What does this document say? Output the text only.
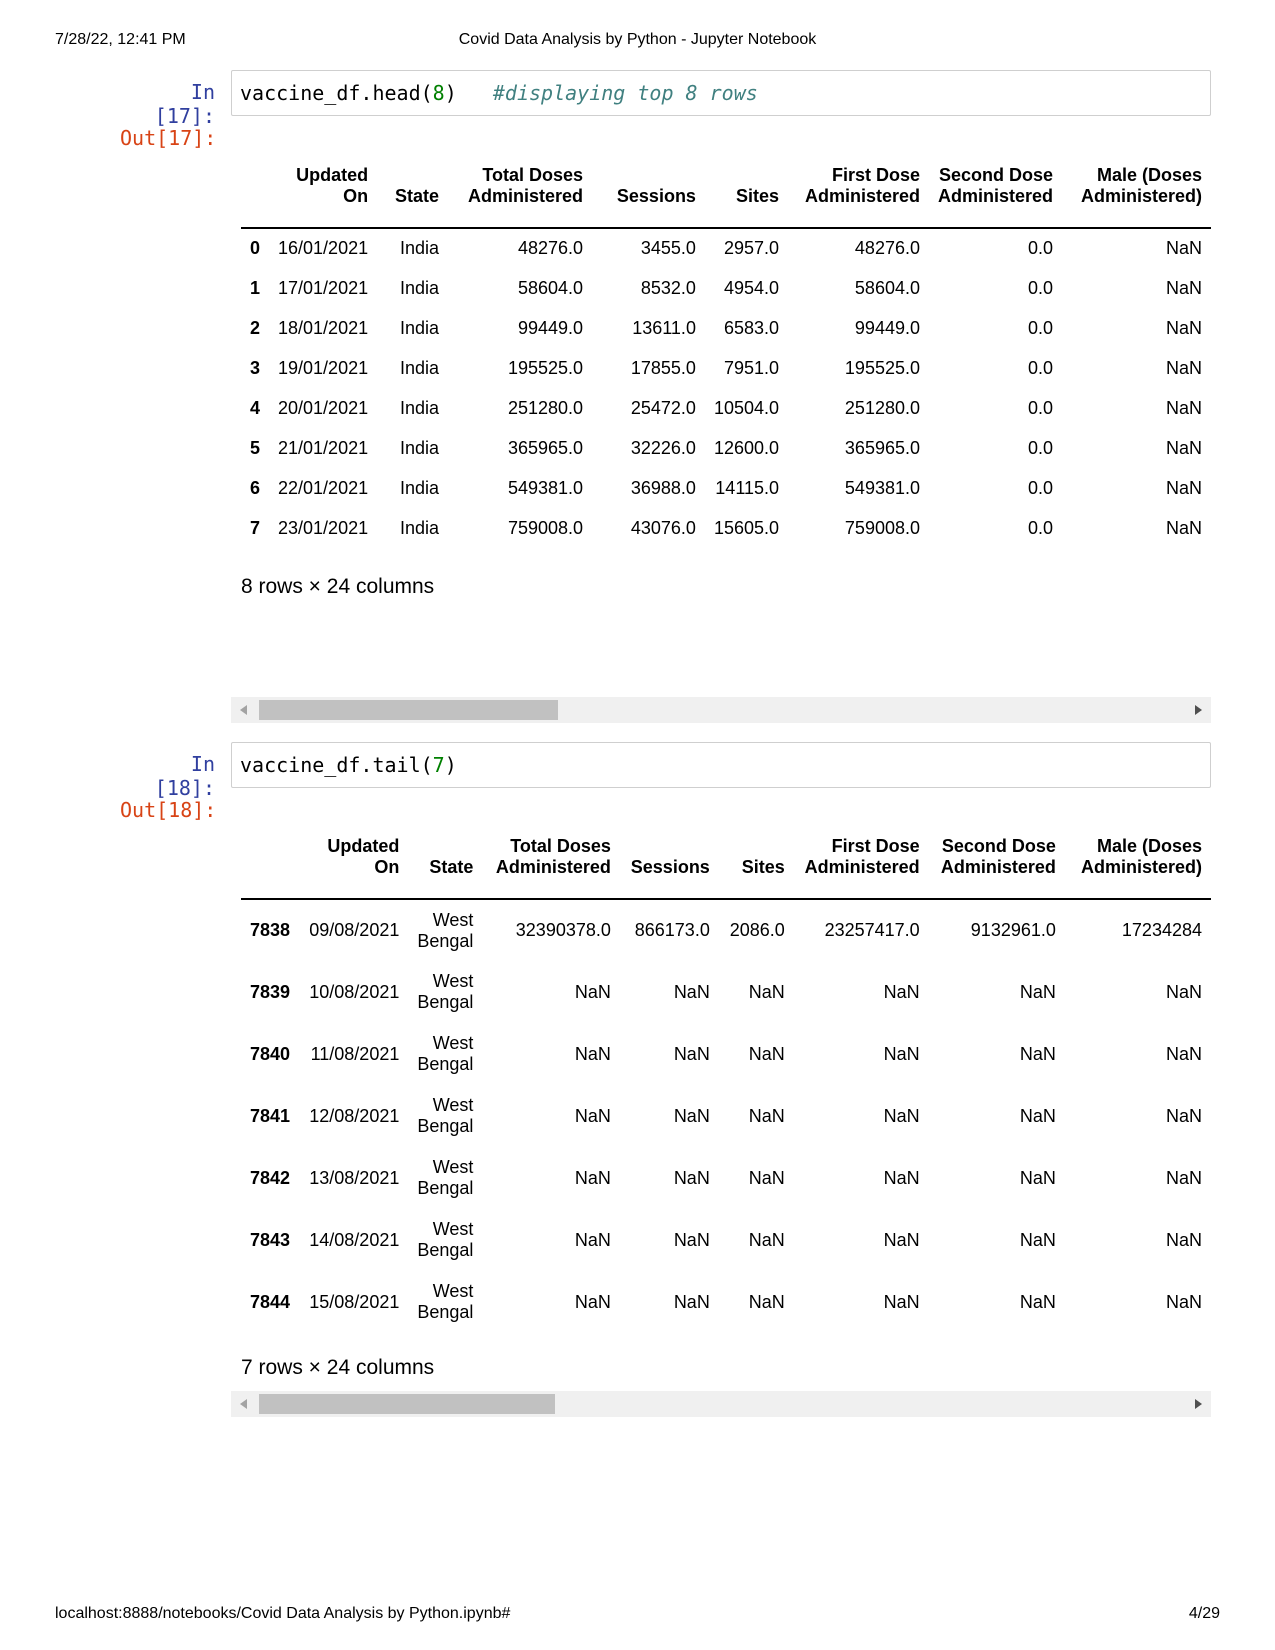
7/28/22, 12:41 PM	Covid Data Analysis by Python - Jupyter Notebook
In [17]:
vaccine_df.head(8)   #displaying top 8 rows
Out[17]:
	Updated On	State	Total Doses Administered	Sessions	Sites	First Dose Administered	Second Dose Administered	Male (Doses Administered)
0	16/01/2021	India	48276.0	3455.0	2957.0	48276.0	0.0	NaN
1	17/01/2021	India	58604.0	8532.0	4954.0	58604.0	0.0	NaN
2	18/01/2021	India	99449.0	13611.0	6583.0	99449.0	0.0	NaN
3	19/01/2021	India	195525.0	17855.0	7951.0	195525.0	0.0	NaN
4	20/01/2021	India	251280.0	25472.0	10504.0	251280.0	0.0	NaN
5	21/01/2021	India	365965.0	32226.0	12600.0	365965.0	0.0	NaN
6	22/01/2021	India	549381.0	36988.0	14115.0	549381.0	0.0	NaN
7	23/01/2021	India	759008.0	43076.0	15605.0	759008.0	0.0	NaN
8 rows × 24 columns
In [18]:
vaccine_df.tail(7)
Out[18]:
	Updated On	State	Total Doses Administered	Sessions	Sites	First Dose Administered	Second Dose Administered	Male (Doses Administered)
7838	09/08/2021	West Bengal	32390378.0	866173.0	2086.0	23257417.0	9132961.0	17234284
7839	10/08/2021	West Bengal	NaN	NaN	NaN	NaN	NaN	NaN
7840	11/08/2021	West Bengal	NaN	NaN	NaN	NaN	NaN	NaN
7841	12/08/2021	West Bengal	NaN	NaN	NaN	NaN	NaN	NaN
7842	13/08/2021	West Bengal	NaN	NaN	NaN	NaN	NaN	NaN
7843	14/08/2021	West Bengal	NaN	NaN	NaN	NaN	NaN	NaN
7844	15/08/2021	West Bengal	NaN	NaN	NaN	NaN	NaN	NaN
7 rows × 24 columns
localhost:8888/notebooks/Covid Data Analysis by Python.ipynb#	4/29
